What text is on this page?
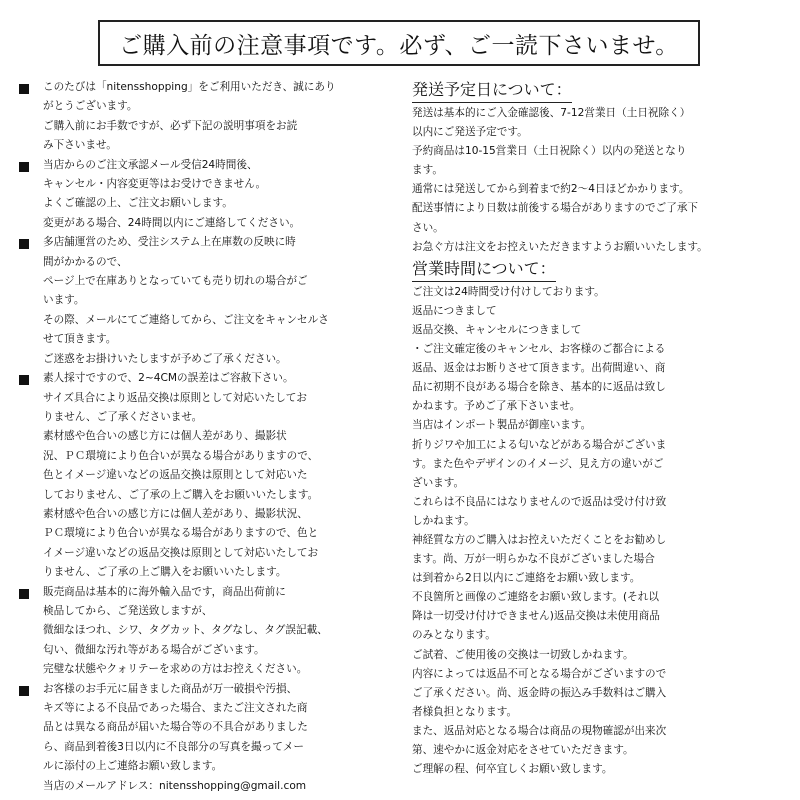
ご購入前の注意事項です。必ず、ご一読下さいませ。
このたびは「nitensshopping」をご利用いただき、誠にあり
がとうございます。
ご購入前にお手数ですが、必ず下記の説明事項をお読
み下さいませ。
当店からのご注文承認メール受信24時間後、
キャンセル・内容変更等はお受けできません。
よくご確認の上、ご注文お願いします。
変更がある場合、24時間以内にご連絡してください。
多店舗運営のため、受注システム上在庫数の反映に時
間がかかるので、
ページ上で在庫ありとなっていても売り切れの場合がご
います。
その際、メールにてご連絡してから、ご注文をキャンセルさ
せて頂きます。
ご迷惑をお掛けいたしますが予めご了承ください。
素人採寸ですので、2~4CMの誤差はご容赦下さい。
サイズ具合により返品交換は原則として対応いたしてお
りません、ご了承くださいませ。
素材感や色合いの感じ方には個人差があり、撮影状
況、ＰＣ環境により色合いが異なる場合がありますので、
色とイメージ違いなどの返品交換は原則として対応いた
しておりません、ご了承の上ご購入をお願いいたします。
素材感や色合いの感じ方には個人差があり、撮影状況、
ＰＣ環境により色合いが異なる場合がありますので、色と
イメージ違いなどの返品交換は原則として対応いたしてお
りません、ご了承の上ご購入をお願いいたします。
販売商品は基本的に海外輸入品です，商品出荷前に
検品してから、ご発送致しますが、
微細なほつれ、シワ、タグカット、タグなし、タグ誤記載、
匂い、微細な汚れ等がある場合がございます。
完璧な状態やクォリテーを求めの方はお控えください。
お客様のお手元に届きました商品が万一破損や汚損、
キズ等による不良品であった場合、またご注文された商
品とは異なる商品が届いた場合等の不具合がありました
ら、商品到着後3日以内に不良部分の写真を撮ってメー
ルに添付の上ご連絡お願い致します。
当店のメールアドレス：nitensshopping@gmail.com
発送予定日について：
発送は基本的にご入金確認後、7-12営業日（土日祝除く）
以内にご発送予定です。
予約商品は10-15営業日（土日祝除く）以内の発送となり
ます。
通常には発送してから到着まで約2～4日ほどかかります。
配送事情により日数は前後する場合がありますのでご了承下
さい。
お急ぐ方は注文をお控えいただきますようお願いいたします。
営業時間について：
ご注文は24時間受け付けしております。
返品につきまして
返品交換、キャンセルにつきまして
・ご注文確定後のキャンセル、お客様のご都合による
返品、返金はお断りさせて頂きます。出荷間違い、商
品に初期不良がある場合を除き、基本的に返品は致し
かねます。予めご了承下さいませ。
当店はインポート製品が御座います。
折りジワや加工による匂いなどがある場合がございま
す。また色やデザインのイメージ、見え方の違いがご
ざいます。
これらは不良品にはなりませんので返品は受け付け致
しかねます。
神経質な方のご購入はお控えいただくことをお勧めし
ます。尚、万が一明らかな不良がございました場合
は到着から2日以内にご連絡をお願い致します。
不良箇所と画像のご連絡をお願い致します。(それ以
降は一切受け付けできません)返品交換は未使用商品
のみとなります。
ご試着、ご使用後の交換は一切致しかねます。
内容によっては返品不可となる場合がございますので
ご了承ください。尚、返金時の振込み手数料はご購入
者様負担となります。
また、返品対応となる場合は商品の現物確認が出来次
第、速やかに返金対応をさせていただきます。
ご理解の程、何卒宜しくお願い致します。
